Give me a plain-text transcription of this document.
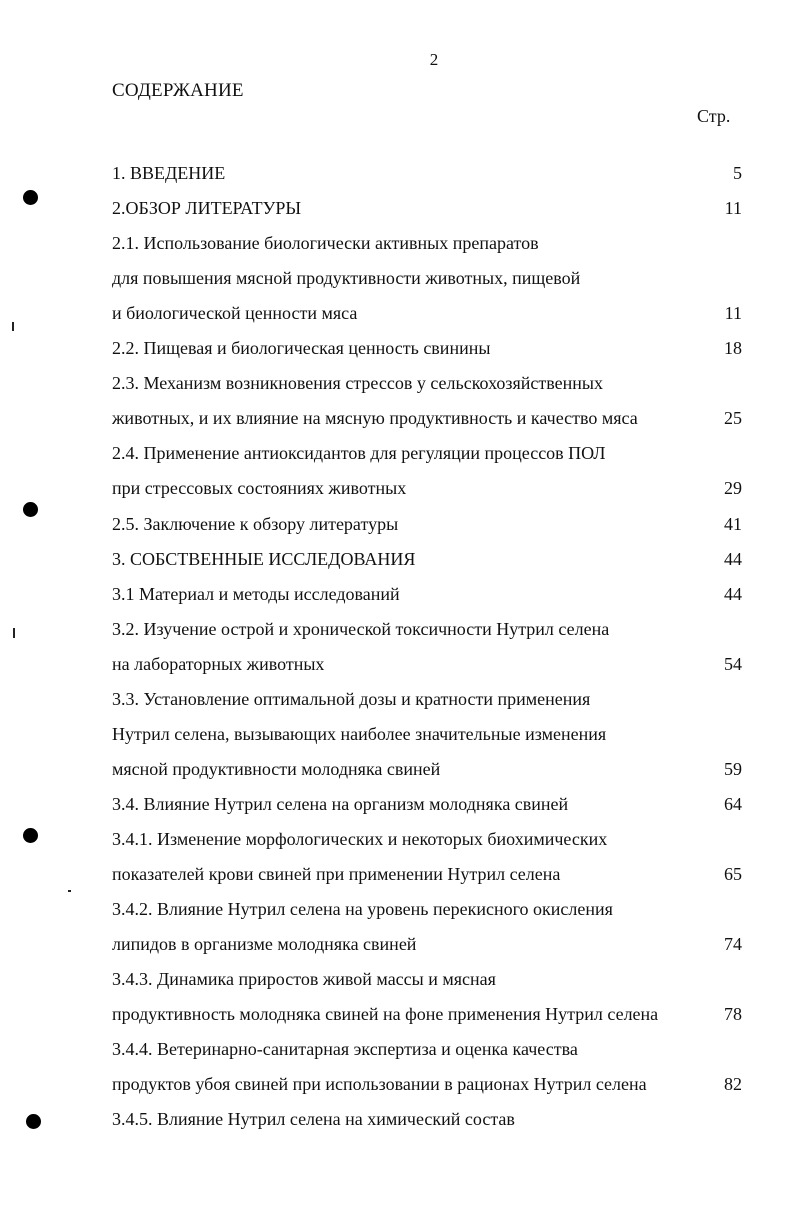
2
СОДЕРЖАНИЕ
Стр.
1. ВВЕДЕНИЕ	5
2.ОБЗОР ЛИТЕРАТУРЫ	11
2.1. Использование биологически активных препаратов
для повышения мясной продуктивности животных, пищевой
и биологической ценности мяса	11
2.2. Пищевая и биологическая ценность свинины	18
2.3. Механизм возникновения стрессов у сельскохозяйственных
животных, и их влияние на мясную продуктивность и качество мяса	25
2.4. Применение антиоксидантов для регуляции процессов ПОЛ
при стрессовых состояниях животных	29
2.5. Заключение к обзору литературы	41
3. СОБСТВЕННЫЕ ИССЛЕДОВАНИЯ	44
3.1 Материал и методы исследований	44
3.2. Изучение острой и хронической токсичности Нутрил селена
на лабораторных животных	54
3.3. Установление оптимальной дозы и кратности применения
Нутрил селена, вызывающих наиболее значительные изменения
мясной продуктивности молодняка свиней	59
3.4. Влияние Нутрил селена на организм молодняка свиней	64
3.4.1. Изменение морфологических и некоторых биохимических
показателей крови свиней при применении Нутрил селена	65
3.4.2. Влияние Нутрил селена на уровень перекисного окисления
липидов в организме молодняка свиней	74
3.4.3. Динамика приростов живой массы и мясная
продуктивность молодняка свиней на фоне применения Нутрил селена	78
3.4.4. Ветеринарно-санитарная экспертиза и оценка качества
продуктов убоя свиней при использовании в рационах Нутрил селена	82
3.4.5. Влияние Нутрил селена на химический состав
